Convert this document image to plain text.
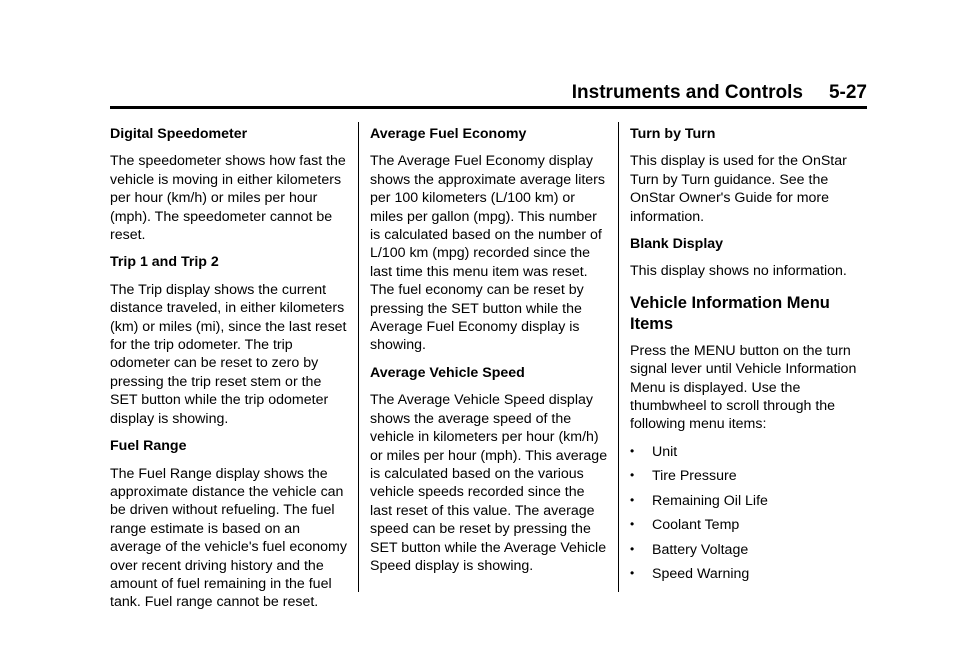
Instruments and Controls 5-27
Digital Speedometer
The speedometer shows how fast the vehicle is moving in either kilometers per hour (km/h) or miles per hour (mph). The speedometer cannot be reset.
Trip 1 and Trip 2
The Trip display shows the current distance traveled, in either kilometers (km) or miles (mi), since the last reset for the trip odometer. The trip odometer can be reset to zero by pressing the trip reset stem or the SET button while the trip odometer display is showing.
Fuel Range
The Fuel Range display shows the approximate distance the vehicle can be driven without refueling. The fuel range estimate is based on an average of the vehicle's fuel economy over recent driving history and the amount of fuel remaining in the fuel tank. Fuel range cannot be reset.
Average Fuel Economy
The Average Fuel Economy display shows the approximate average liters per 100 kilometers (L/100 km) or miles per gallon (mpg). This number is calculated based on the number of L/100 km (mpg) recorded since the last time this menu item was reset. The fuel economy can be reset by pressing the SET button while the Average Fuel Economy display is showing.
Average Vehicle Speed
The Average Vehicle Speed display shows the average speed of the vehicle in kilometers per hour (km/h) or miles per hour (mph). This average is calculated based on the various vehicle speeds recorded since the last reset of this value. The average speed can be reset by pressing the SET button while the Average Vehicle Speed display is showing.
Turn by Turn
This display is used for the OnStar Turn by Turn guidance. See the OnStar Owner's Guide for more information.
Blank Display
This display shows no information.
Vehicle Information Menu Items
Press the MENU button on the turn signal lever until Vehicle Information Menu is displayed. Use the thumbwheel to scroll through the following menu items:
•	Unit
•	Tire Pressure
•	Remaining Oil Life
•	Coolant Temp
•	Battery Voltage
•	Speed Warning
